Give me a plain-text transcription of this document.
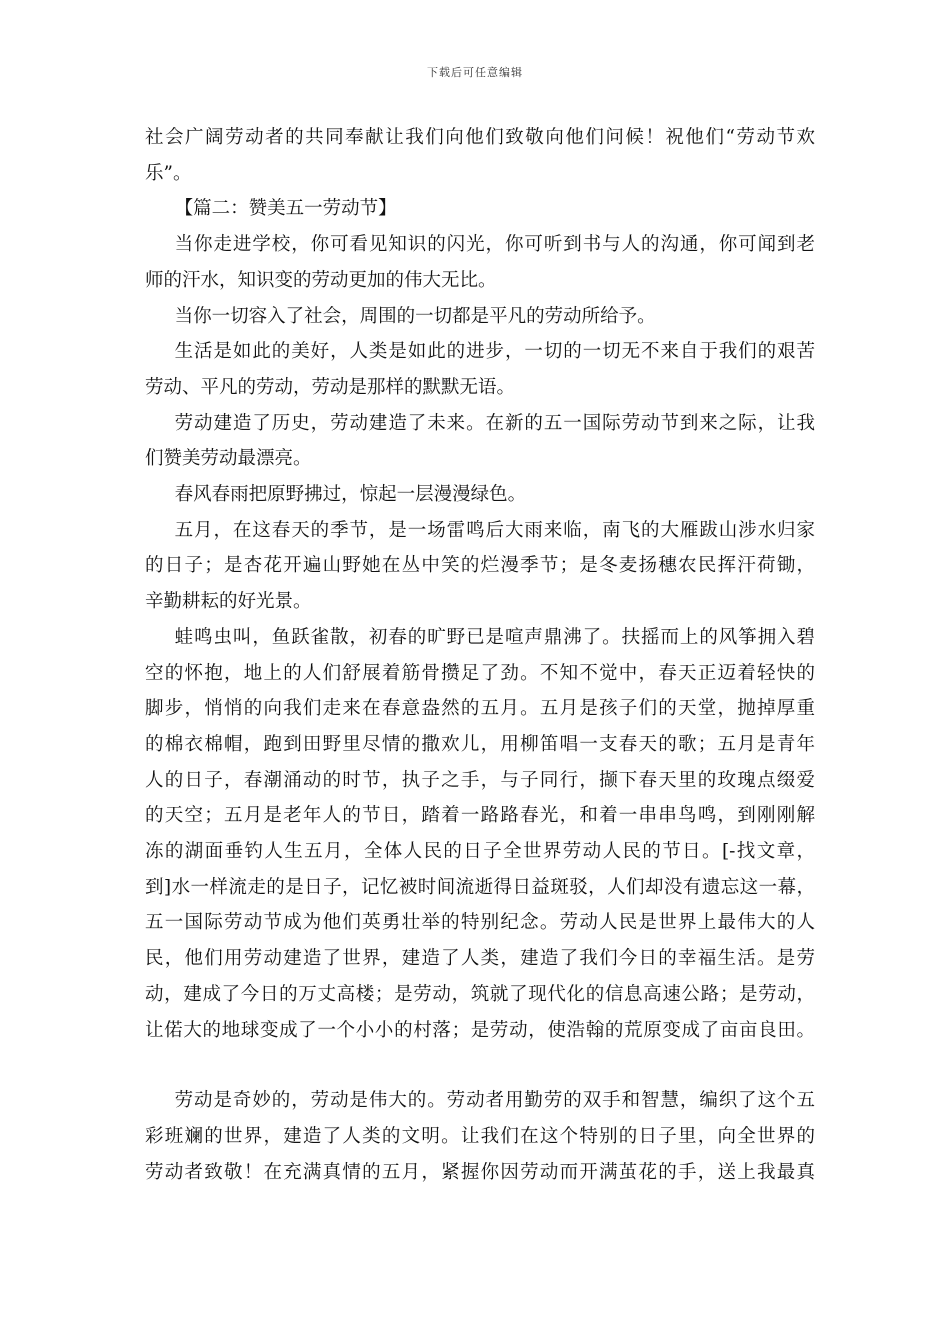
下载后可任意编辑
社会广阔劳动者的共同奉献让我们向他们致敬向他们问候！祝他们“劳动节欢
乐”。
【篇二：赞美五一劳动节】
当你走进学校，你可看见知识的闪光，你可听到书与人的沟通，你可闻到老
师的汗水，知识变的劳动更加的伟大无比。
当你一切容入了社会，周围的一切都是平凡的劳动所给予。
生活是如此的美好，人类是如此的进步，一切的一切无不来自于我们的艰苦
劳动、平凡的劳动，劳动是那样的默默无语。
劳动建造了历史，劳动建造了未来。在新的五一国际劳动节到来之际，让我
们赞美劳动最漂亮。
春风春雨把原野拂过，惊起一层漫漫绿色。
五月，在这春天的季节，是一场雷鸣后大雨来临，南飞的大雁跋山涉水归家
的日子；是杏花开遍山野她在丛中笑的烂漫季节；是冬麦扬穗农民挥汗荷锄，
辛勤耕耘的好光景。
蛙鸣虫叫，鱼跃雀散，初春的旷野已是喧声鼎沸了。扶摇而上的风筝拥入碧
空的怀抱，地上的人们舒展着筋骨攒足了劲。不知不觉中，春天正迈着轻快的
脚步，悄悄的向我们走来在春意盎然的五月。五月是孩子们的天堂，抛掉厚重
的棉衣棉帽，跑到田野里尽情的撒欢儿，用柳笛唱一支春天的歌；五月是青年
人的日子，春潮涌动的时节，执子之手，与子同行，撷下春天里的玫瑰点缀爱
的天空；五月是老年人的节日，踏着一路路春光，和着一串串鸟鸣，到刚刚解
冻的湖面垂钓人生五月，全体人民的日子全世界劳动人民的节日。[-找文章，
到]水一样流走的是日子，记忆被时间流逝得日益斑驳，人们却没有遗忘这一幕，
五一国际劳动节成为他们英勇壮举的特别纪念。劳动人民是世界上最伟大的人
民，他们用劳动建造了世界，建造了人类，建造了我们今日的幸福生活。是劳
动，建成了今日的万丈高楼；是劳动，筑就了现代化的信息高速公路；是劳动，
让偌大的地球变成了一个小小的村落；是劳动，使浩翰的荒原变成了亩亩良田。
劳动是奇妙的，劳动是伟大的。劳动者用勤劳的双手和智慧，编织了这个五
彩班斓的世界，建造了人类的文明。让我们在这个特别的日子里，向全世界的
劳动者致敬！在充满真情的五月，紧握你因劳动而开满茧花的手，送上我最真
